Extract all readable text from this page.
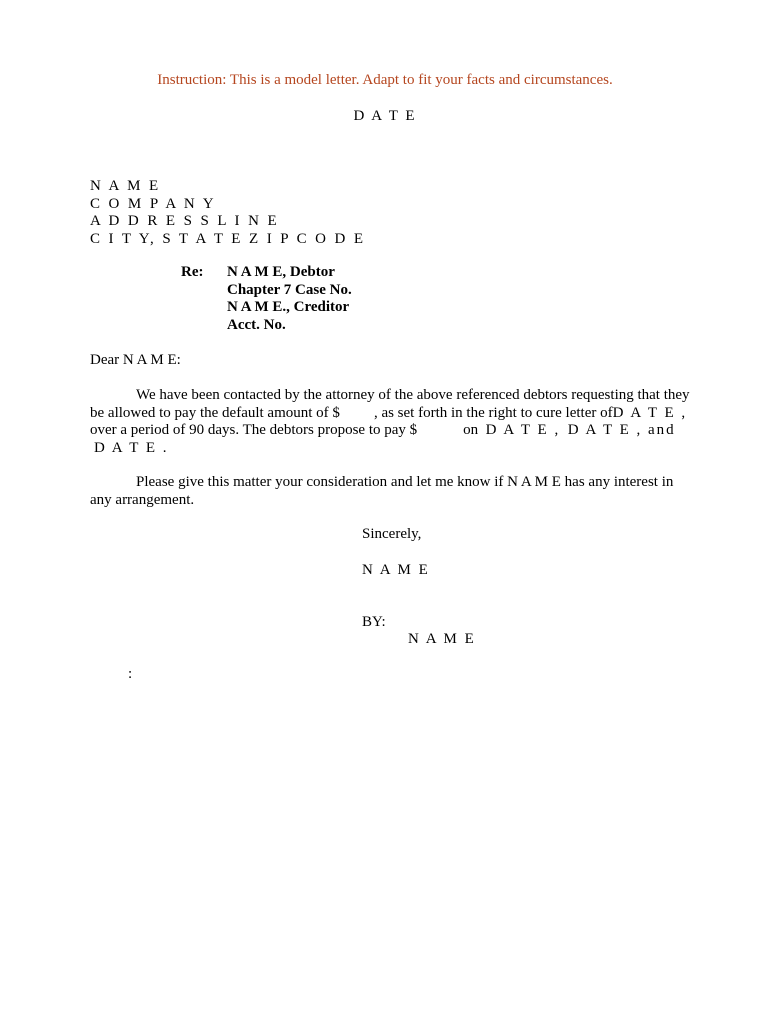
Instruction: This is a model letter. Adapt to fit your facts and circumstances.
D A T E
N A M E
C O M P A N Y
A D D R E S S L I N E
C I T Y, S T A T E Z I P C O D E
Re: N A M E, Debtor
Chapter 7 Case No.
N A M E., Creditor
Acct. No.
Dear N A M E:
We have been contacted by the attorney of the above referenced debtors requesting that they
be allowed to pay the default amount of $ , as set forth in the right to cure letter of D A T E ,
over a period of 90 days. The debtors propose to pay $	on D A T E , D A T E , and
D A T E .
Please give this matter your consideration and let me know if N A M E has any interest in
any arrangement.
Sincerely,
N A M E
BY:
N A M E
:
